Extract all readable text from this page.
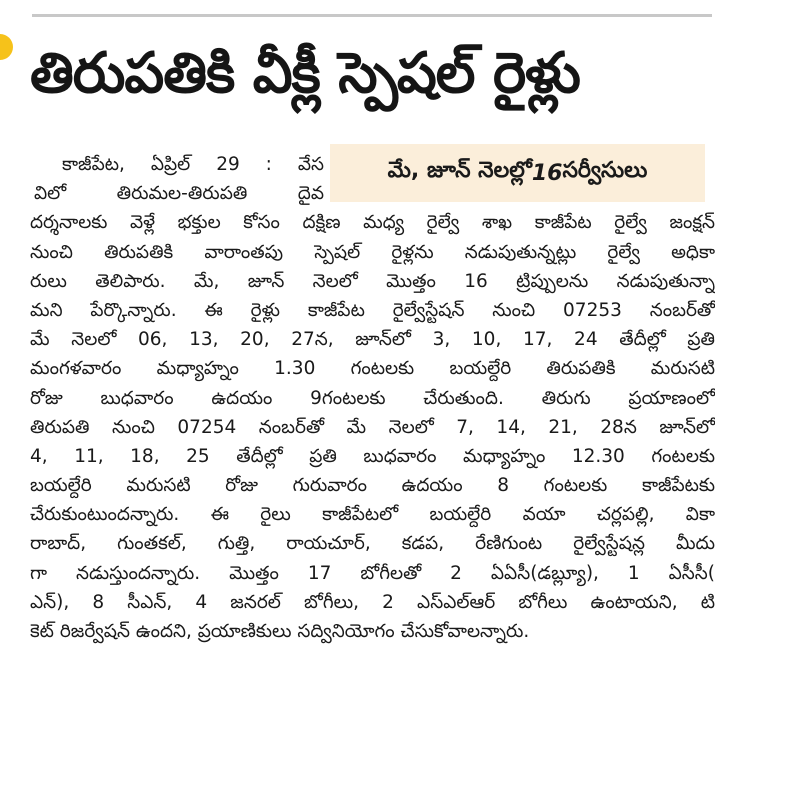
తిరుపతికి వీక్లీ స్పెషల్ రైళ్లు
మే, జూన్ నెలల్లో 16 సర్వీసులు
కాజీపేట, ఏప్రిల్ 29 : వేస
విలో తిరుమల-తిరుపతి దైవ
దర్శనాలకు వెళ్లే భక్తుల కోసం దక్షిణ మధ్య రైల్వే శాఖ కాజీపేట రైల్వే జంక్షన్
నుంచి తిరుపతికి వారాంతపు స్పెషల్ రైళ్లను నడుపుతున్నట్లు రైల్వే అధికా
రులు తెలిపారు. మే, జూన్ నెలలో మొత్తం 16 ట్రిప్పులను నడుపుతున్నా
మని పేర్కొన్నారు. ఈ రైళ్లు కాజీపేట రైల్వేస్టేషన్ నుంచి 07253 నంబర్‌తో
మే నెలలో 06, 13, 20, 27న, జూన్‌లో 3, 10, 17, 24 తేదీల్లో ప్రతి
మంగళవారం మధ్యాహ్నం 1.30 గంటలకు బయల్దేరి తిరుపతికి మరుసటి
రోజు బుధవారం ఉదయం 9గంటలకు చేరుతుంది. తిరుగు ప్రయాణంలో
తిరుపతి నుంచి 07254 నంబర్‌తో మే నెలలో 7, 14, 21, 28న జూన్‌లో
4, 11, 18, 25 తేదీల్లో ప్రతి బుధవారం మధ్యాహ్నం 12.30 గంటలకు
బయల్దేరి మరుసటి రోజు గురువారం ఉదయం 8 గంటలకు కాజీపేటకు
చేరుకుంటుందన్నారు. ఈ రైలు కాజీపేటలో బయల్దేరి వయా చర్లపల్లి, వికా
రాబాద్, గుంతకల్, గుత్తి, రాయచూర్, కడప, రేణిగుంట రైల్వేస్టేషన్ల మీదు
గా నడుస్తుందన్నారు. మొత్తం 17 బోగీలతో 2 ఏఏసీ(డబ్ల్యూ), 1 ఏసీసీ(
ఎన్), 8 సీఎన్, 4 జనరల్ బోగీలు, 2 ఎస్‌ఎల్‌ఆర్ బోగీలు ఉంటాయని, టి
కెట్ రిజర్వేషన్ ఉందని, ప్రయాణికులు సద్వినియోగం చేసుకోవాలన్నారు.
